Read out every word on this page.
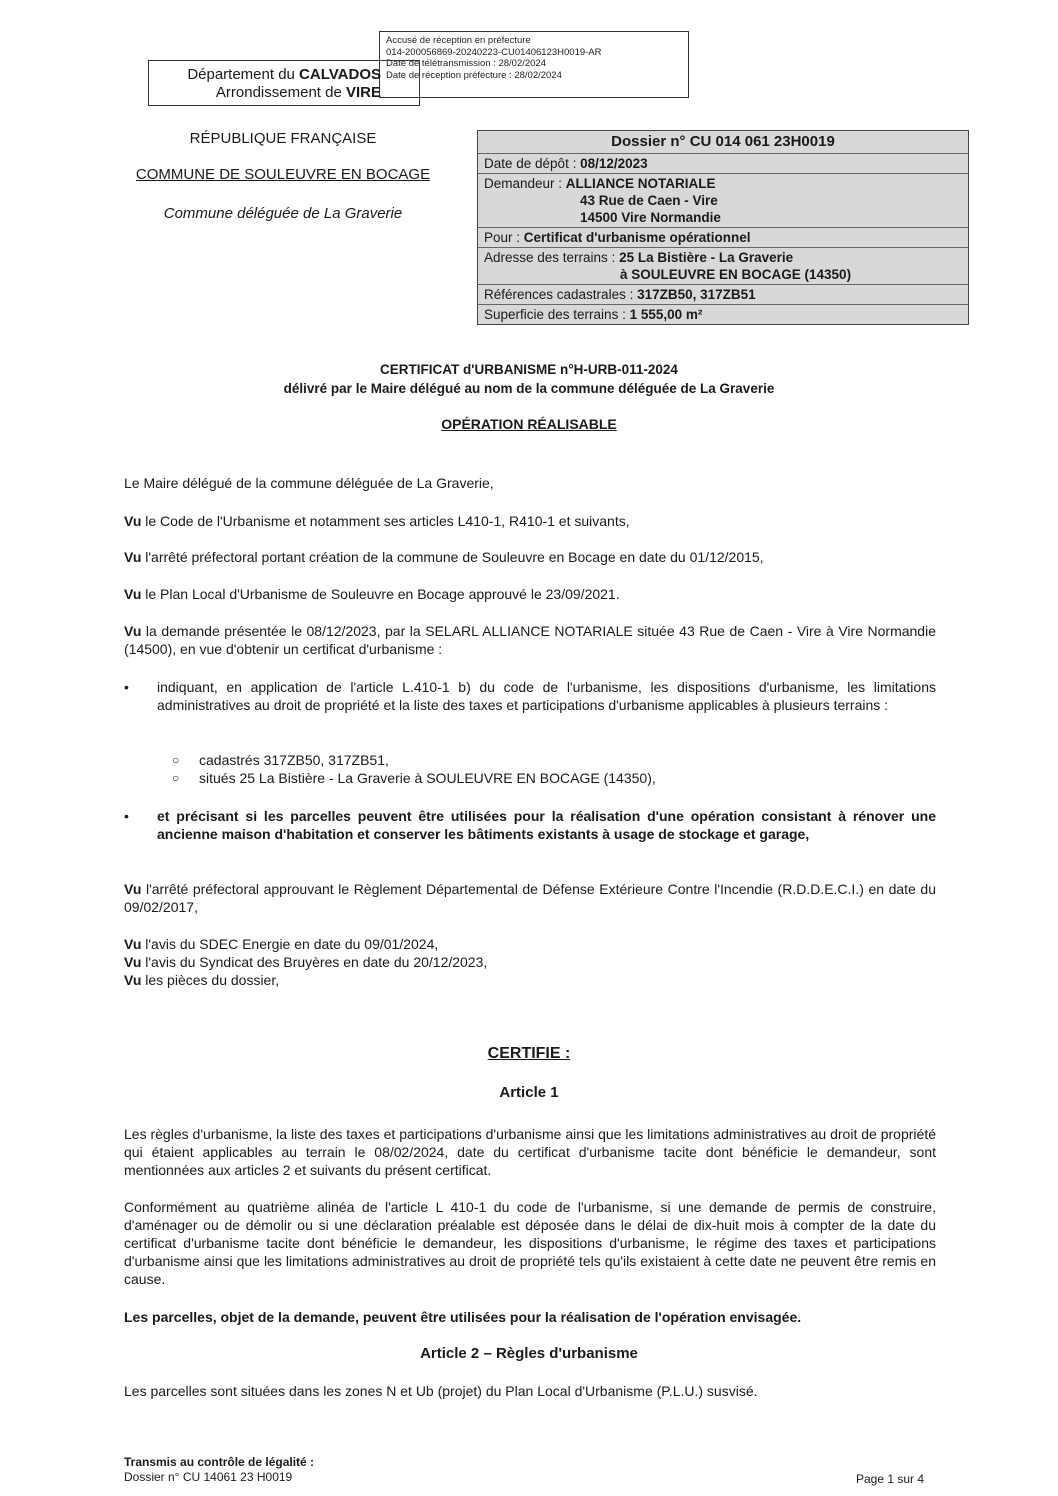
Accusé de réception en préfecture
014-200056869-20240223-CU01406123H0019-AR
Date de télétransmission : 28/02/2024
Date de réception préfecture : 28/02/2024
Département du CALVADOS
Arrondissement de VIRE
RÉPUBLIQUE FRANÇAISE
COMMUNE DE SOULEUVRE EN BOCAGE
Commune déléguée de La Graverie
Dossier n° CU 014 061 23H0019
Date de dépôt : 08/12/2023
Demandeur : ALLIANCE NOTARIALE
43 Rue de Caen - Vire
14500 Vire Normandie
Pour : Certificat d'urbanisme opérationnel
Adresse des terrains : 25 La Bistière - La Graverie
à SOULEUVRE EN BOCAGE (14350)
Références cadastrales : 317ZB50, 317ZB51
Superficie des terrains : 1 555,00 m²
CERTIFICAT d'URBANISME n°H-URB-011-2024
délivré par le Maire délégué au nom de la commune déléguée de La Graverie
OPÉRATION RÉALISABLE
Le Maire délégué de la commune déléguée de La Graverie,
Vu le Code de l'Urbanisme et notamment ses articles L410-1, R410-1 et suivants,
Vu l'arrêté préfectoral portant création de la commune de Souleuvre en Bocage en date du 01/12/2015,
Vu le Plan Local d'Urbanisme de Souleuvre en Bocage approuvé le 23/09/2021.
Vu la demande présentée le 08/12/2023, par la SELARL ALLIANCE NOTARIALE située 43 Rue de Caen - Vire à Vire Normandie (14500), en vue d'obtenir un certificat d'urbanisme :
• indiquant, en application de l'article L.410-1 b) du code de l'urbanisme, les dispositions d'urbanisme, les limitations administratives au droit de propriété et la liste des taxes et participations d'urbanisme applicables à plusieurs terrains :
○ cadastrés 317ZB50, 317ZB51,
○ situés 25 La Bistière - La Graverie à SOULEUVRE EN BOCAGE (14350),
• et précisant si les parcelles peuvent être utilisées pour la réalisation d'une opération consistant à rénover une ancienne maison d'habitation et conserver les bâtiments existants à usage de stockage et garage,
Vu l'arrêté préfectoral approuvant le Règlement Départemental de Défense Extérieure Contre l'Incendie (R.D.D.E.C.I.) en date du 09/02/2017,
Vu l'avis du SDEC Energie en date du 09/01/2024,
Vu l'avis du Syndicat des Bruyères en date du 20/12/2023,
Vu les pièces du dossier,
CERTIFIE :
Article 1
Les règles d'urbanisme, la liste des taxes et participations d'urbanisme ainsi que les limitations administratives au droit de propriété qui étaient applicables au terrain le 08/02/2024, date du certificat d'urbanisme tacite dont bénéficie le demandeur, sont mentionnées aux articles 2 et suivants du présent certificat.
Conformément au quatrième alinéa de l'article L 410-1 du code de l'urbanisme, si une demande de permis de construire, d'aménager ou de démolir ou si une déclaration préalable est déposée dans le délai de dix-huit mois à compter de la date du certificat d'urbanisme tacite dont bénéficie le demandeur, les dispositions d'urbanisme, le régime des taxes et participations d'urbanisme ainsi que les limitations administratives au droit de propriété tels qu'ils existaient à cette date ne peuvent être remis en cause.
Les parcelles, objet de la demande, peuvent être utilisées pour la réalisation de l'opération envisagée.
Article 2 – Règles d'urbanisme
Les parcelles sont situées dans les zones N et Ub (projet) du Plan Local d'Urbanisme (P.L.U.) susvisé.
Transmis au contrôle de légalité :
Dossier n° CU 14061 23 H0019	Page 1 sur 4
